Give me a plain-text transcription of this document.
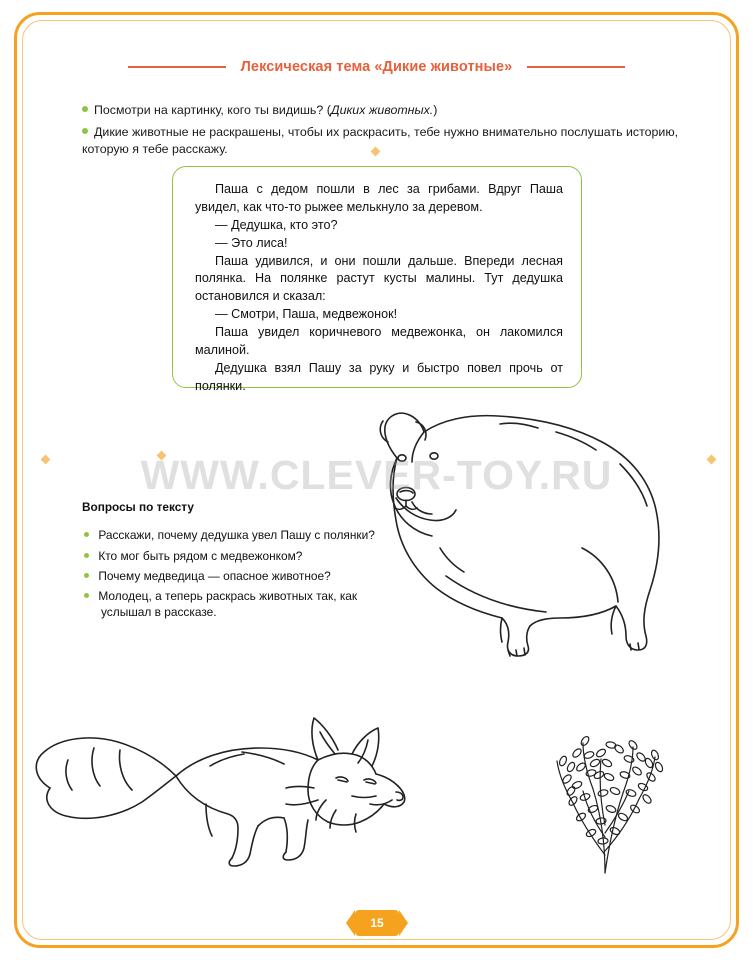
Лексическая тема «Дикие животные»
Посмотри на картинку, кого ты видишь? (Диких животных.)
Дикие животные не раскрашены, чтобы их раскрасить, тебе нужно внимательно послушать историю, которую я тебе расскажу.

Паша с дедом пошли в лес за грибами. Вдруг Паша увидел, как что-то рыжее мелькнуло за деревом.

— Дедушка, кто это?

— Это лиса!

Паша удивился, и они пошли дальше. Впереди лесная полянка. На полянке растут кусты малины. Тут дедушка остановился и сказал:

— Смотри, Паша, медвежонок!

Паша увидел коричневого медвежонка, он лакомился малиной.

Дедушка взял Пашу за руку и быстро повел прочь от полянки.

WWW.CLEVER-TOY.RU
Вопросы по тексту
Расскажи, почему дедушка увел Пашу с полянки?
Кто мог быть рядом с медвежонком?
Почему медведица — опасное животное?
Молодец, а теперь раскрась животных так, как
услышал в рассказе.
15
